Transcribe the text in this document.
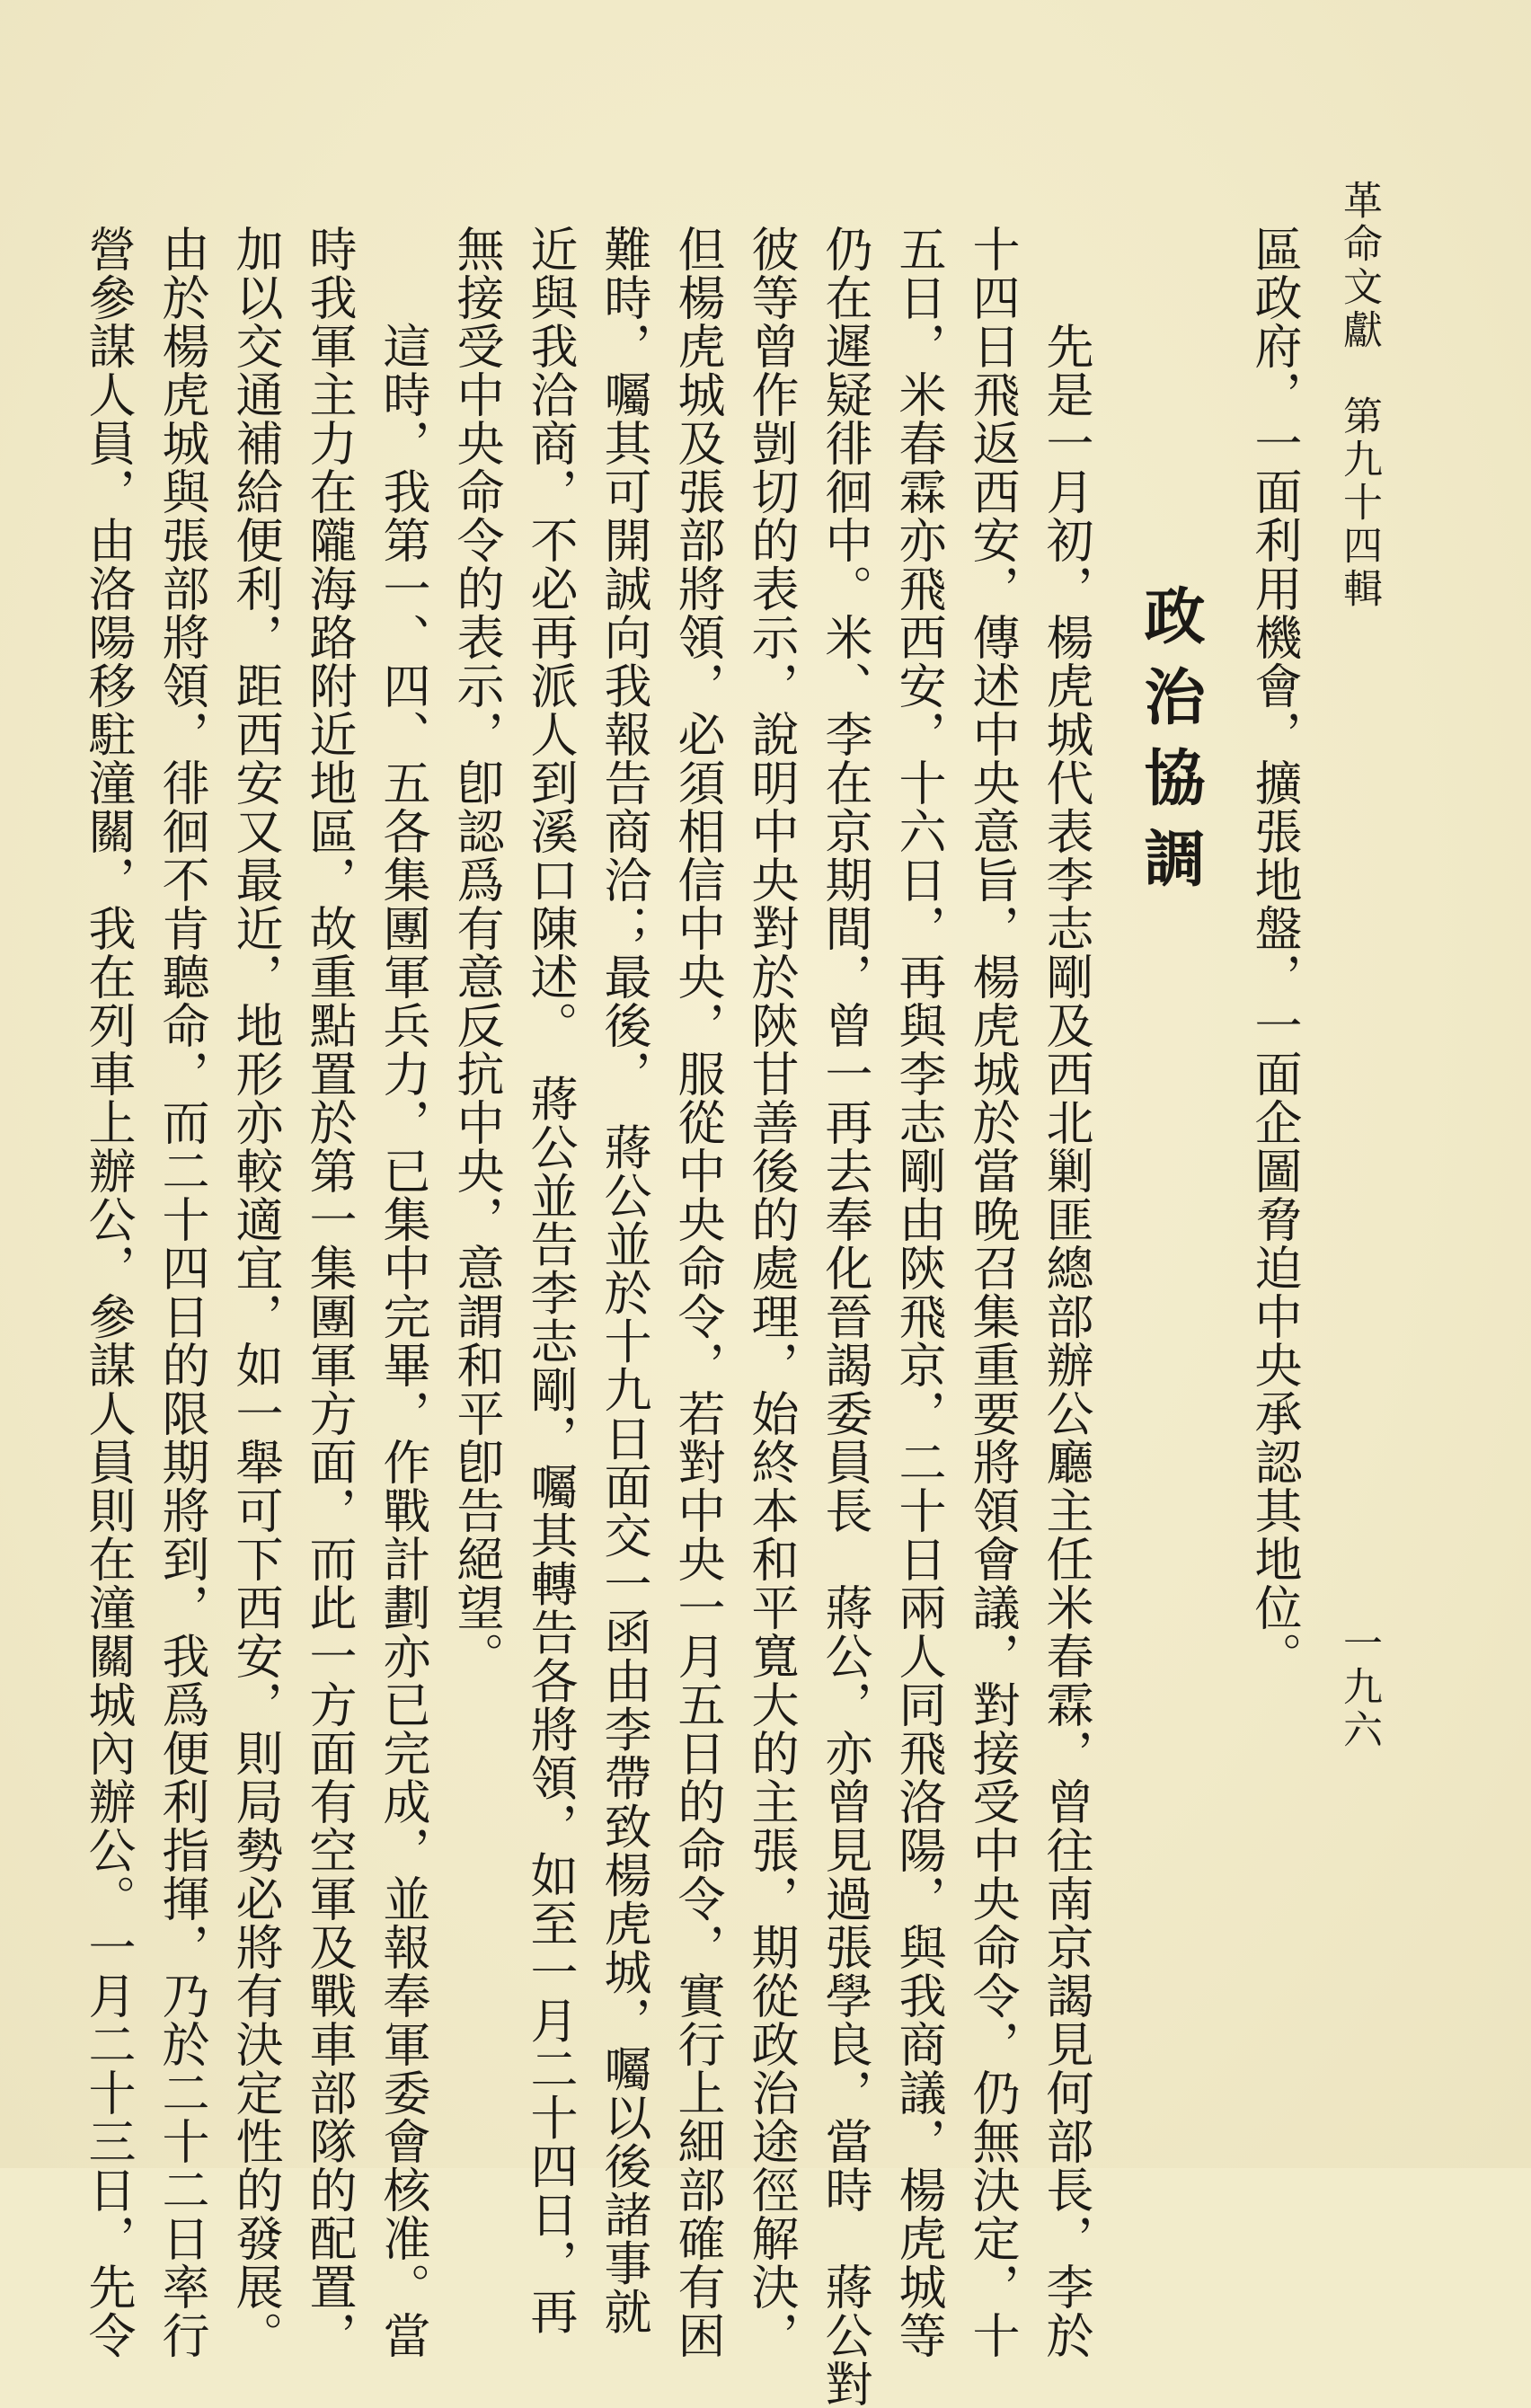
革命文獻　第九十四輯
一九六
區政府，一面利用機會，擴張地盤，一面企圖脅迫中央承認其地位。
政治協調
先是一月初，楊虎城代表李志剛及西北剿匪總部辦公廳主任米春霖，曾往南京謁見何部長，李於
十四日飛返西安，傳述中央意旨，楊虎城於當晚召集重要將領會議，對接受中央命令，仍無決定，十
五日，米春霖亦飛西安，十六日，再與李志剛由陝飛京，二十日兩人同飛洛陽，與我商議，楊虎城等
仍在遲疑徘徊中。米、李在京期間，曾一再去奉化晉謁委員長　蔣公，亦曾見過張學良，當時　蔣公對
彼等曾作剴切的表示，說明中央對於陝甘善後的處理，始終本和平寬大的主張，期從政治途徑解決，
但楊虎城及張部將領，必須相信中央，服從中央命令，若對中央一月五日的命令，實行上細部確有困
難時，囑其可開誠向我報告商洽；最後，　蔣公並於十九日面交一函由李帶致楊虎城，囑以後諸事就
近與我洽商，不必再派人到溪口陳述。　蔣公並告李志剛，囑其轉告各將領，如至一月二十四日，再
無接受中央命令的表示，卽認爲有意反抗中央，意謂和平卽告絕望。
這時，我第一、四、五各集團軍兵力，已集中完畢，作戰計劃亦已完成，並報奉軍委會核准。當
時我軍主力在隴海路附近地區，故重點置於第一集團軍方面，而此一方面有空軍及戰車部隊的配置，
加以交通補給便利，距西安又最近，地形亦較適宜，如一舉可下西安，則局勢必將有決定性的發展。
由於楊虎城與張部將領，徘徊不肯聽命，而二十四日的限期將到，我爲便利指揮，乃於二十二日率行
營參謀人員，由洛陽移駐潼關，我在列車上辦公，參謀人員則在潼關城內辦公。一月二十三日，先令
